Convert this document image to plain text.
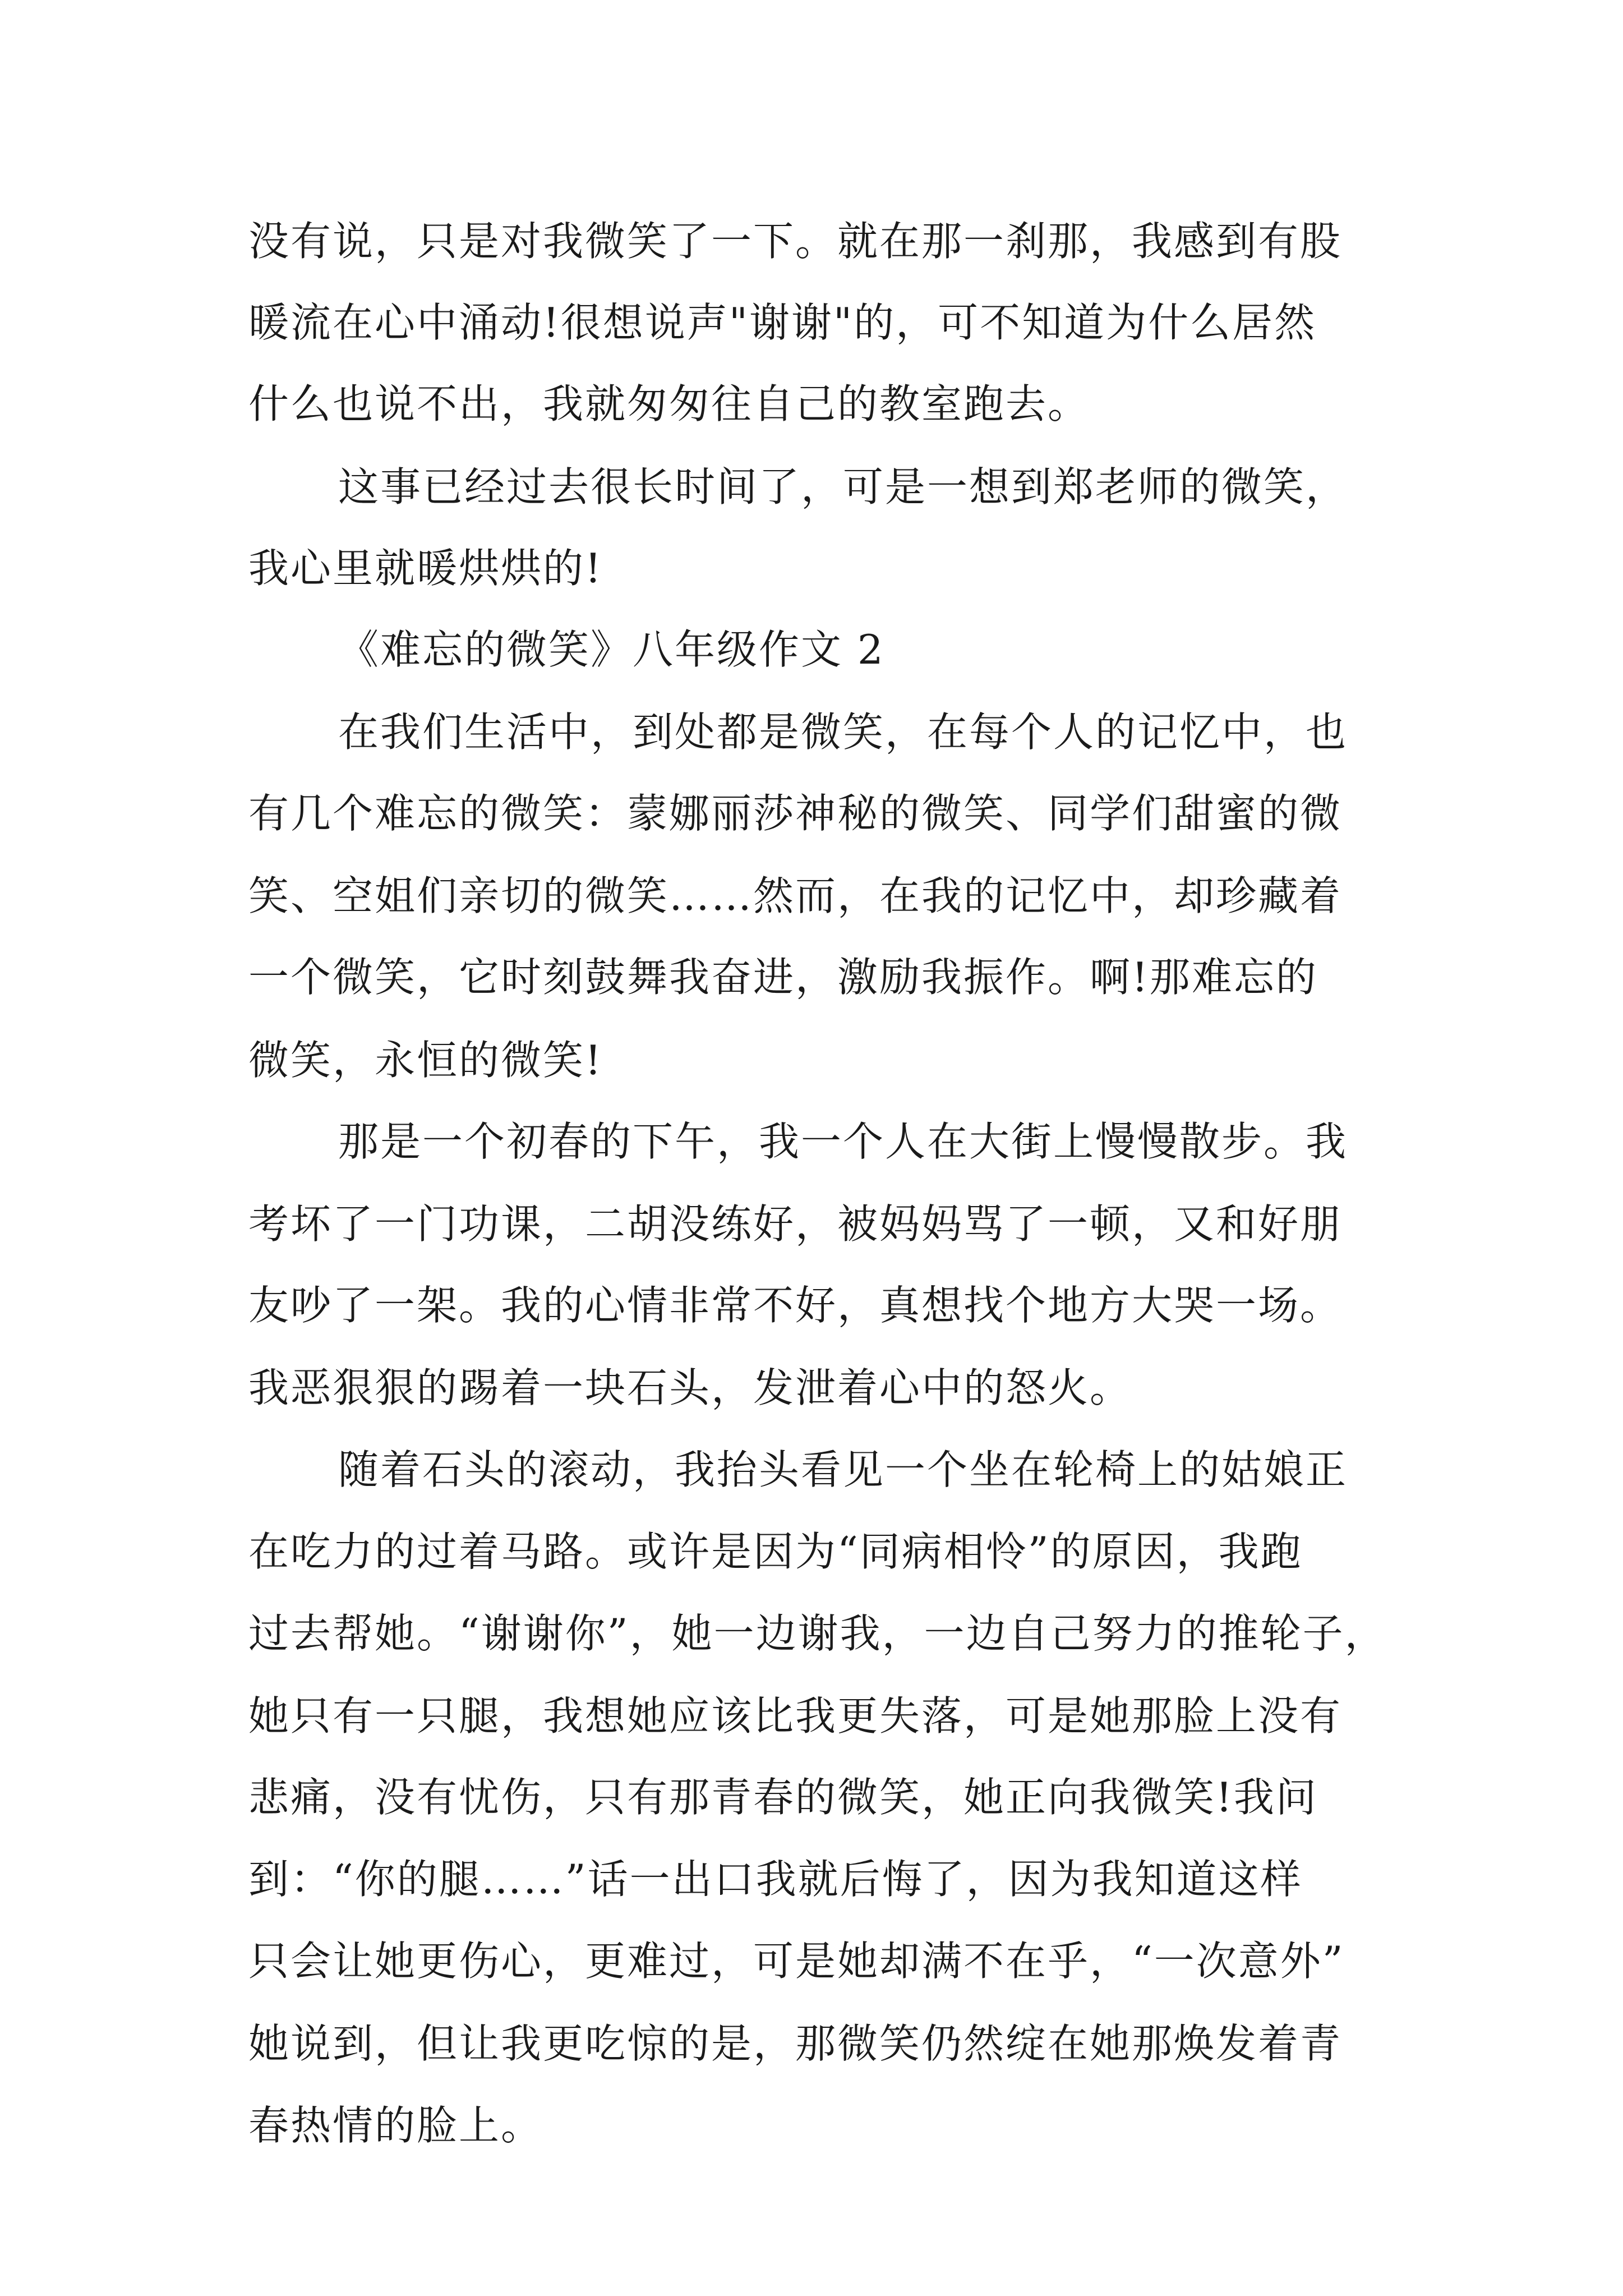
没有说，只是对我微笑了一下。就在那一刹那，我感到有股
暖流在心中涌动!很想说声"谢谢"的，可不知道为什么居然
什么也说不出，我就匆匆往自己的教室跑去。
这事已经过去很长时间了，可是一想到郑老师的微笑，
我心里就暖烘烘的!
《难忘的微笑》八年级作文 2
在我们生活中，到处都是微笑，在每个人的记忆中，也
有几个难忘的微笑：蒙娜丽莎神秘的微笑、同学们甜蜜的微
笑、空姐们亲切的微笑……然而，在我的记忆中，却珍藏着
一个微笑，它时刻鼓舞我奋进，激励我振作。啊!那难忘的
微笑，永恒的微笑!
那是一个初春的下午，我一个人在大街上慢慢散步。我
考坏了一门功课，二胡没练好，被妈妈骂了一顿，又和好朋
友吵了一架。我的心情非常不好，真想找个地方大哭一场。
我恶狠狠的踢着一块石头，发泄着心中的怒火。
随着石头的滚动，我抬头看见一个坐在轮椅上的姑娘正
在吃力的过着马路。或许是因为“同病相怜”的原因，我跑
过去帮她。“谢谢你”，她一边谢我，一边自己努力的推轮子，
她只有一只腿，我想她应该比我更失落，可是她那脸上没有
悲痛，没有忧伤，只有那青春的微笑，她正向我微笑!我问
到：“你的腿……”话一出口我就后悔了，因为我知道这样
只会让她更伤心，更难过，可是她却满不在乎，“一次意外”
她说到，但让我更吃惊的是，那微笑仍然绽在她那焕发着青
春热情的脸上。
